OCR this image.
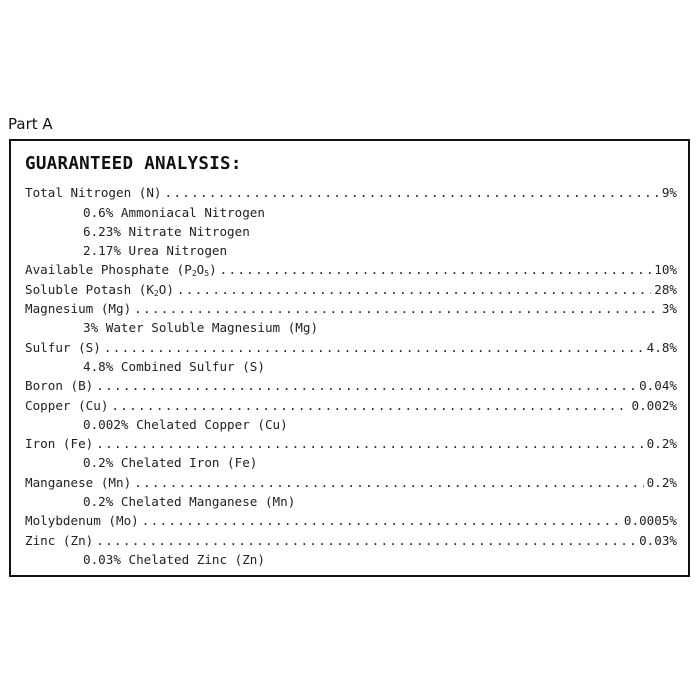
Part A
GUARANTEED ANALYSIS:
Total Nitrogen (N) .....	9%
0.6% Ammoniacal Nitrogen
6.23% Nitrate Nitrogen
2.17% Urea Nitrogen
Available Phosphate $(P_2O_5)$ .....	10%
Soluble Potash $(K_2O)$ .....	28%
Magnesium (Mg) .....	3%
3% Water Soluble Magnesium (Mg)
Sulfur (S) .....	4.8%
4.8% Combined Sulfur (S)
Boron (B) .....	0.04%
Copper (Cu) .....	0.002%
0.002% Chelated Copper (Cu)
Iron (Fe) .....	0.2%
0.2% Chelated Iron (Fe)
Manganese (Mn) .....	0.2%
0.2% Chelated Manganese (Mn)
Molybdenum (Mo) .....	0.0005%
Zinc (Zn) .....	0.03%
0.03% Chelated Zinc (Zn)
